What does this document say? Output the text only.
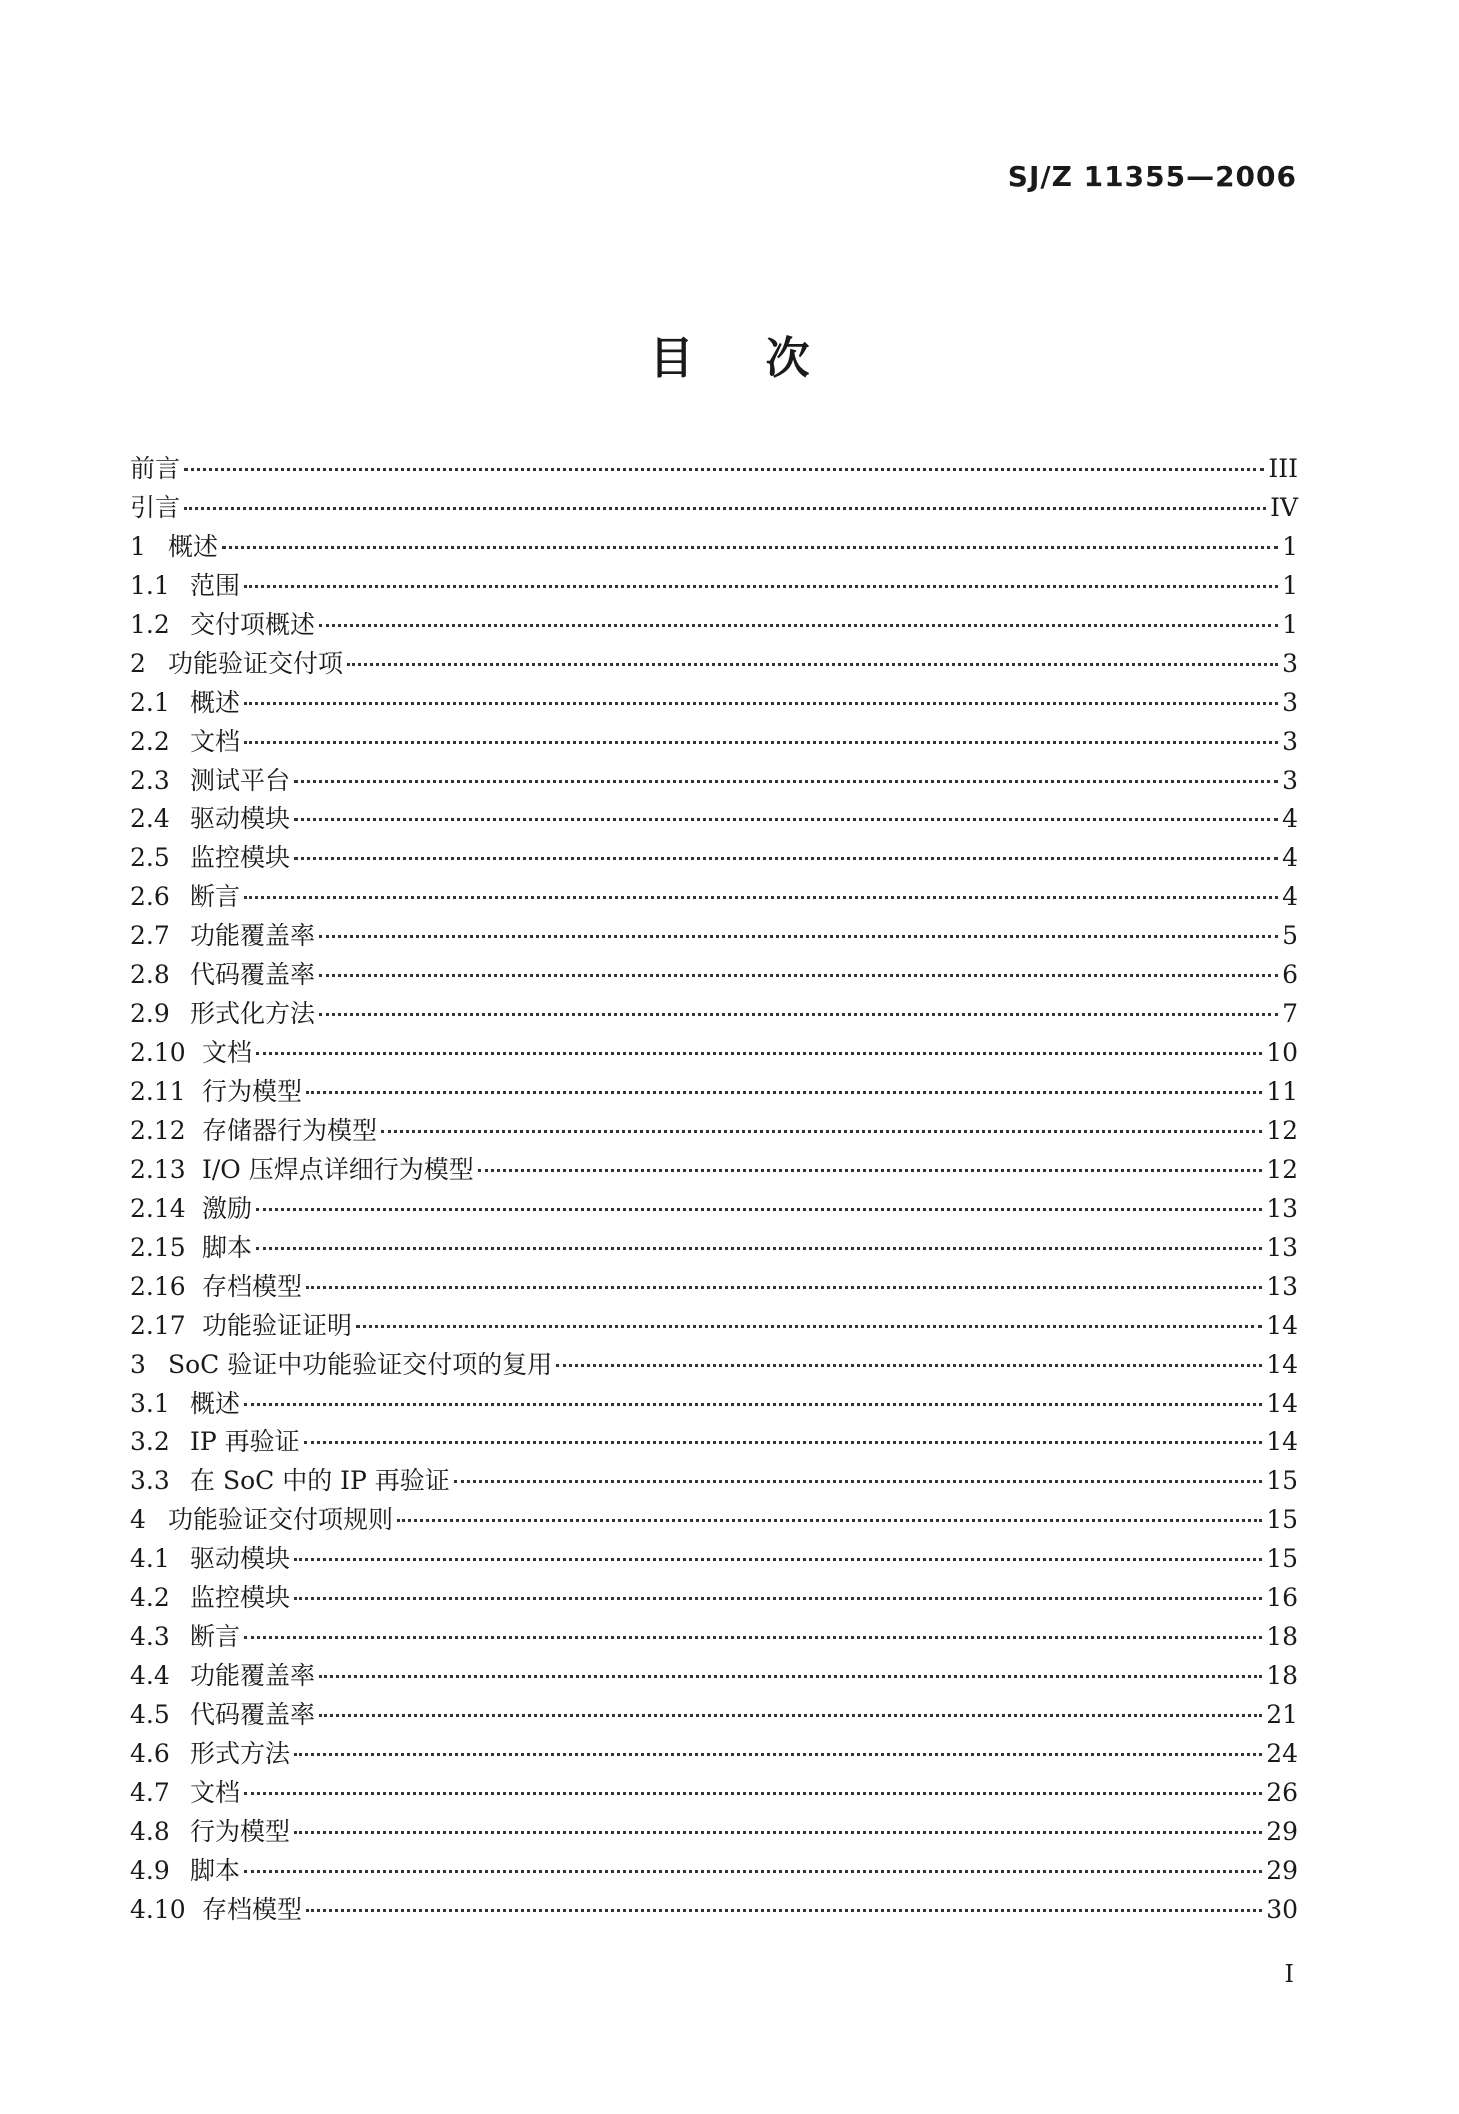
SJ/Z 11355—2006
目 次
前言	III
引言	IV
1 概述	1
1.1 范围	1
1.2 交付项概述	1
2 功能验证交付项	3
2.1 概述	3
2.2 文档	3
2.3 测试平台	3
2.4 驱动模块	4
2.5 监控模块	4
2.6 断言	4
2.7 功能覆盖率	5
2.8 代码覆盖率	6
2.9 形式化方法	7
2.10 文档	10
2.11 行为模型	11
2.12 存储器行为模型	12
2.13 I/O 压焊点详细行为模型	12
2.14 激励	13
2.15 脚本	13
2.16 存档模型	13
2.17 功能验证证明	14
3 SoC 验证中功能验证交付项的复用	14
3.1 概述	14
3.2 IP 再验证	14
3.3 在 SoC 中的 IP 再验证	15
4 功能验证交付项规则	15
4.1 驱动模块	15
4.2 监控模块	16
4.3 断言	18
4.4 功能覆盖率	18
4.5 代码覆盖率	21
4.6 形式方法	24
4.7 文档	26
4.8 行为模型	29
4.9 脚本	29
4.10 存档模型	30
I
